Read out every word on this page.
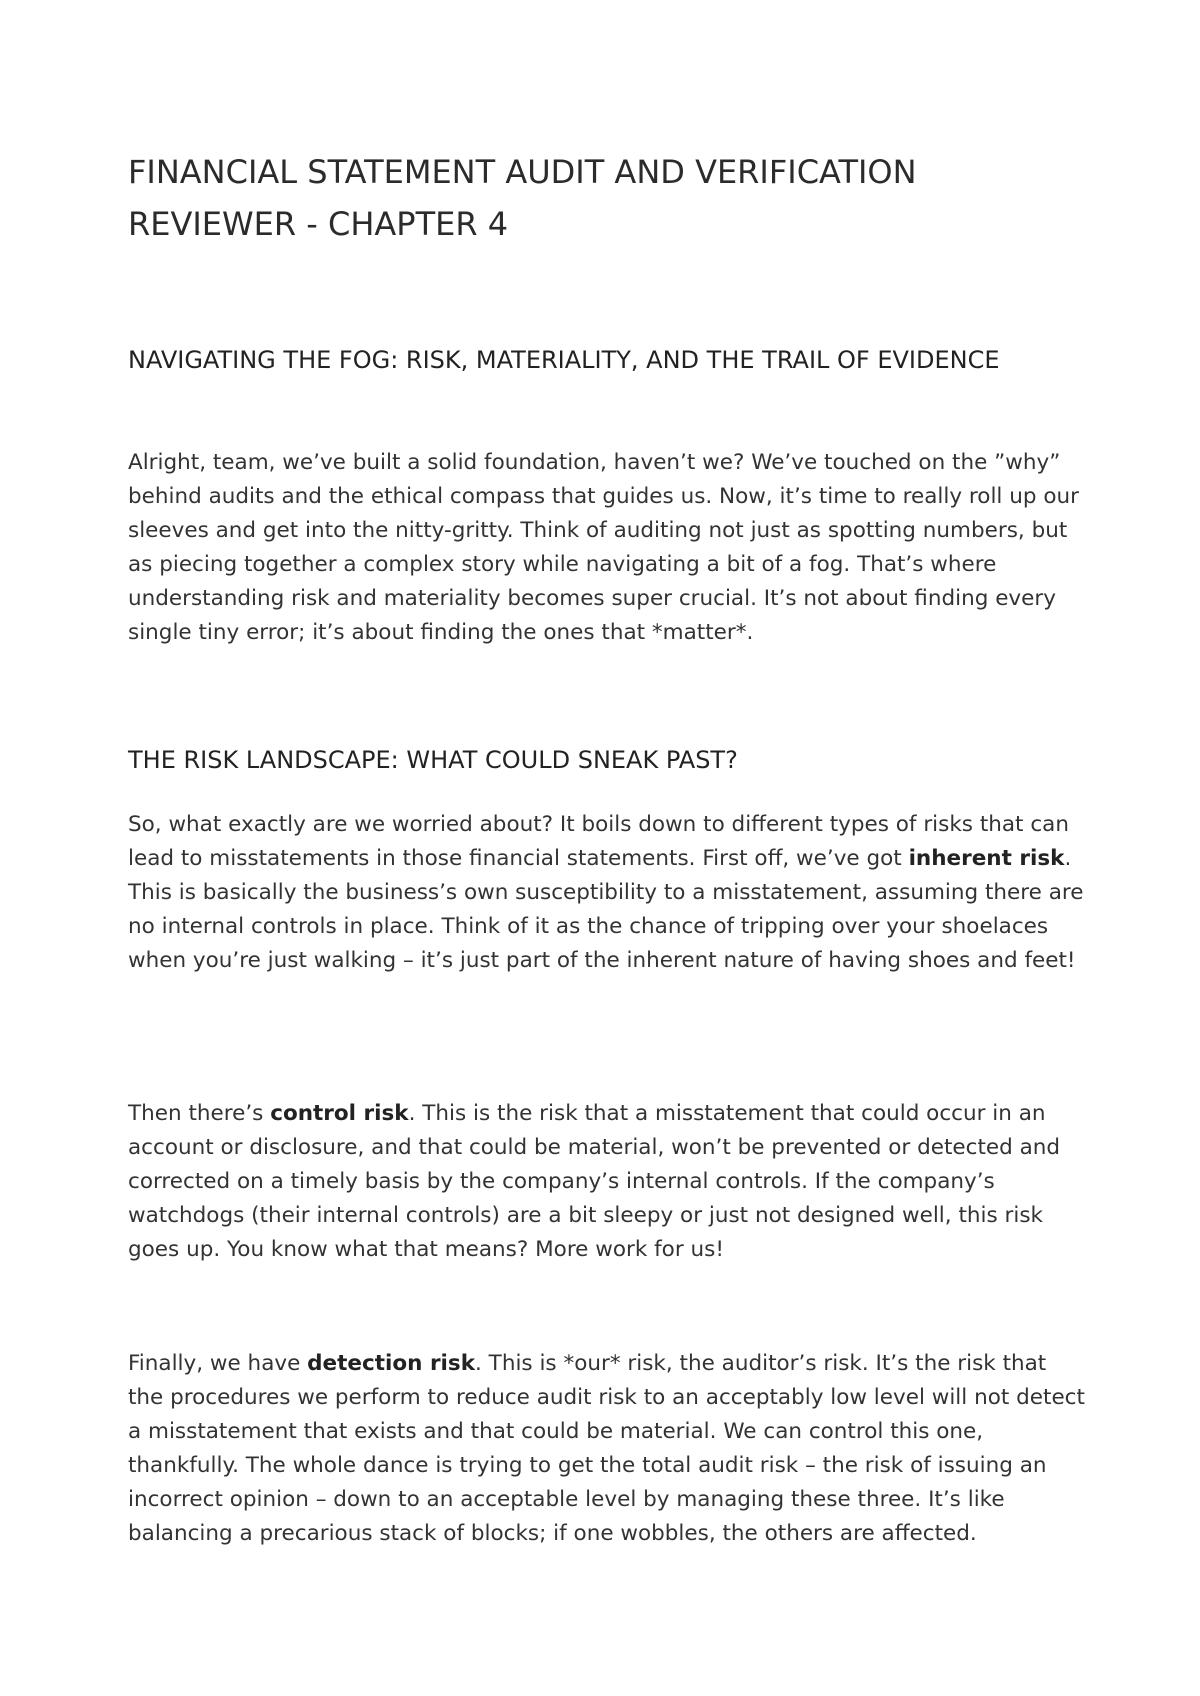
FINANCIAL STATEMENT AUDIT AND VERIFICATION REVIEWER - CHAPTER 4
NAVIGATING THE FOG: RISK, MATERIALITY, AND THE TRAIL OF EVIDENCE

Alright, team, we’ve built a solid foundation, haven’t we? We’ve touched on the ”why” behind audits and the ethical compass that guides us. Now, it’s time to really roll up our sleeves and get into the nitty-gritty. Think of auditing not just as spotting numbers, but as piecing together a complex story while navigating a bit of a fog. That’s where understanding risk and materiality becomes super crucial. It’s not about finding every single tiny error; it’s about finding the ones that *matter*.

THE RISK LANDSCAPE: WHAT COULD SNEAK PAST?

So, what exactly are we worried about? It boils down to different types of risks that can lead to misstatements in those financial statements. First off, we’ve got inherent risk. This is basically the business’s own susceptibility to a misstatement, assuming there are no internal controls in place. Think of it as the chance of tripping over your shoelaces when you’re just walking – it’s just part of the inherent nature of having shoes and feet!

Then there’s control risk. This is the risk that a misstatement that could occur in an account or disclosure, and that could be material, won’t be prevented or detected and corrected on a timely basis by the company’s internal controls. If the company’s watchdogs (their internal controls) are a bit sleepy or just not designed well, this risk goes up. You know what that means? More work for us!

Finally, we have detection risk. This is *our* risk, the auditor’s risk. It’s the risk that the procedures we perform to reduce audit risk to an acceptably low level will not detect a misstatement that exists and that could be material. We can control this one, thankfully. The whole dance is trying to get the total audit risk – the risk of issuing an incorrect opinion – down to an acceptable level by managing these three. It’s like balancing a precarious stack of blocks; if one wobbles, the others are affected.
